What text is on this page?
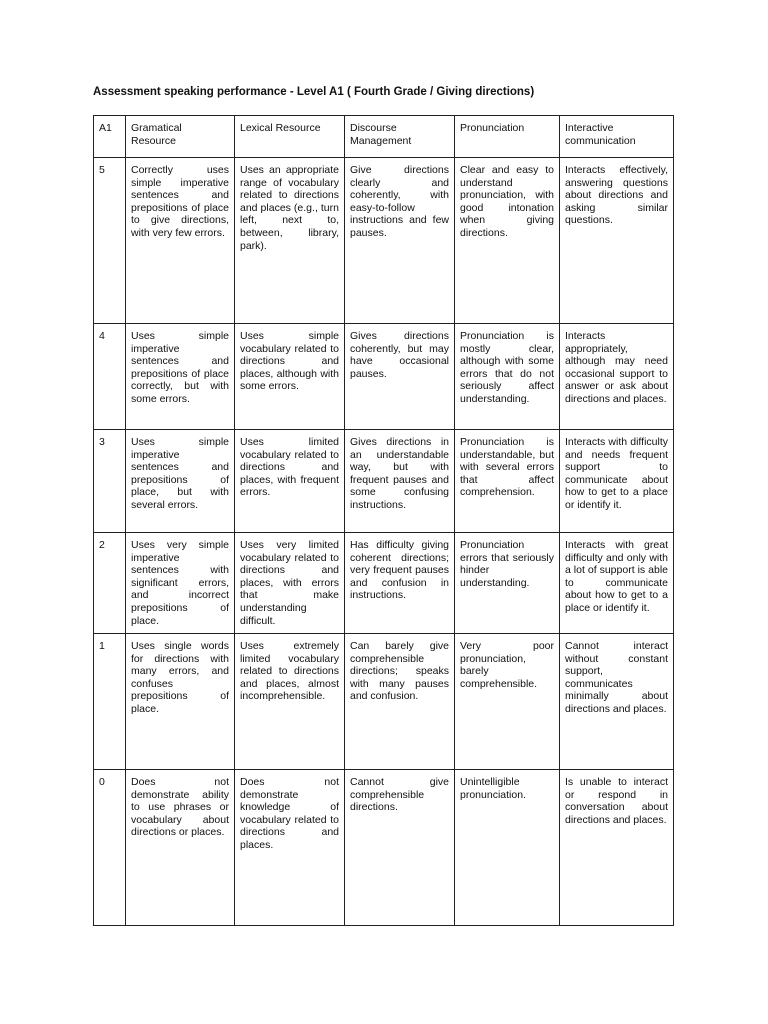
Assessment speaking performance - Level A1 ( Fourth Grade / Giving directions)
A1	Gramatical Resource	Lexical Resource	Discourse Management	Pronunciation	Interactive communication
5	Correctly uses simple imperative sentences and prepositions of place to give directions, with very few errors.	Uses an appropriate range of vocabulary related to directions and places (e.g., turn left, next to, between, library, park).	Give directions clearly and coherently, with easy-to-follow instructions and few pauses.	Clear and easy to understand pronunciation, with good intonation when giving directions.	Interacts effectively, answering questions about directions and asking similar questions.
4	Uses simple imperative sentences and prepositions of place correctly, but with some errors.	Uses simple vocabulary related to directions and places, although with some errors.	Gives directions coherently, but may have occasional pauses.	Pronunciation is mostly clear, although with some errors that do not seriously affect understanding.	Interacts appropriately, although may need occasional support to answer or ask about directions and places.
3	Uses simple imperative sentences and prepositions of place, but with several errors.	Uses limited vocabulary related to directions and places, with frequent errors.	Gives directions in an understandable way, but with frequent pauses and some confusing instructions.	Pronunciation is understandable, but with several errors that affect comprehension.	Interacts with difficulty and needs frequent support to communicate about how to get to a place or identify it.
2	Uses very simple imperative sentences with significant errors, and incorrect prepositions of place.	Uses very limited vocabulary related to directions and places, with errors that make understanding difficult.	Has difficulty giving coherent directions; very frequent pauses and confusion in instructions.	Pronunciation errors that seriously hinder understanding.	Interacts with great difficulty and only with a lot of support is able to communicate about how to get to a place or identify it.
1	Uses single words for directions with many errors, and confuses prepositions of place.	Uses extremely limited vocabulary related to directions and places, almost incomprehensible.	Can barely give comprehensible directions; speaks with many pauses and confusion.	Very poor pronunciation, barely comprehensible.	Cannot interact without constant support, communicates minimally about directions and places.
0	Does not demonstrate ability to use phrases or vocabulary about directions or places.	Does not demonstrate knowledge of vocabulary related to directions and places.	Cannot give comprehensible directions.	Unintelligible pronunciation.	Is unable to interact or respond in conversation about directions and places.
